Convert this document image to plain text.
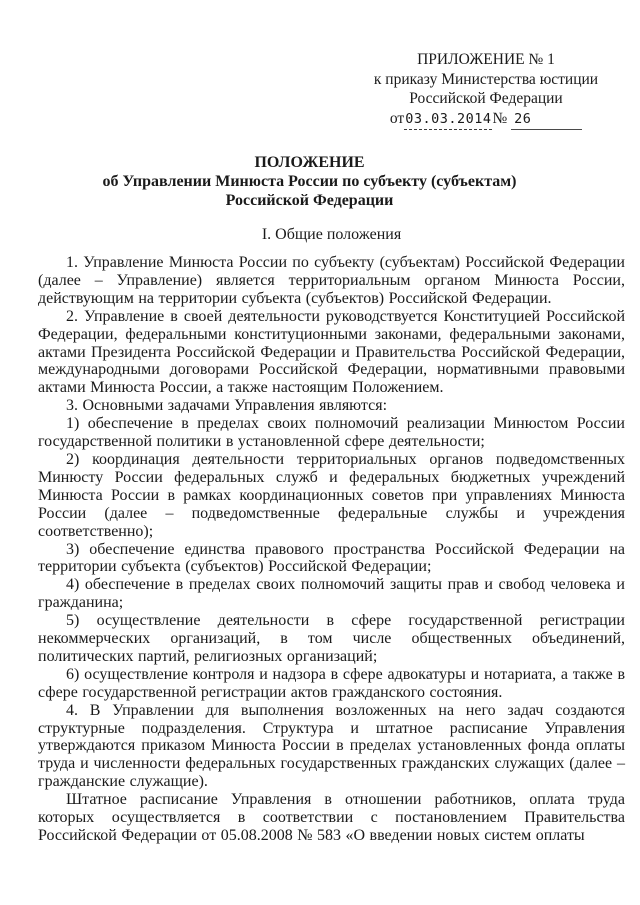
ПРИЛОЖЕНИЕ № 1
к приказу Министерства юстиции
Российской Федерации
от03.03.2014№ 26
ПОЛОЖЕНИЕ
об Управлении Минюста России по субъекту (субъектам)
Российской Федерации
I. Общие положения

1. Управление Минюста России по субъекту (субъектам) Российской Федерации (далее – Управление) является территориальным органом Минюста России, действующим на территории субъекта (субъектов) Российской Федерации.

2. Управление в своей деятельности руководствуется Конституцией Российской Федерации, федеральными конституционными законами, федеральными законами, актами Президента Российской Федерации и Правительства Российской Федерации, международными договорами Российской Федерации, нормативными правовыми актами Минюста России, а также настоящим Положением.

3. Основными задачами Управления являются:

1) обеспечение в пределах своих полномочий реализации Минюстом России государственной политики в установленной сфере деятельности;

2) координация деятельности территориальных органов подведомственных Минюсту России федеральных служб и федеральных бюджетных учреждений Минюста России в рамках координационных советов при управлениях Минюста России (далее – подведомственные федеральные службы и учреждения соответственно);

3) обеспечение единства правового пространства Российской Федерации на территории субъекта (субъектов) Российской Федерации;

4) обеспечение в пределах своих полномочий защиты прав и свобод человека и гражданина;

5) осуществление деятельности в сфере государственной регистрации некоммерческих организаций, в том числе общественных объединений, политических партий, религиозных организаций;

6) осуществление контроля и надзора в сфере адвокатуры и нотариата, а также в сфере государственной регистрации актов гражданского состояния.

4. В Управлении для выполнения возложенных на него задач создаются структурные подразделения. Структура и штатное расписание Управления утверждаются приказом Минюста России в пределах установленных фонда оплаты труда и численности федеральных государственных гражданских служащих (далее – гражданские служащие).

Штатное расписание Управления в отношении работников, оплата труда которых осуществляется в соответствии с постановлением Правительства Российской Федерации от 05.08.2008 № 583 «О введении новых систем оплаты
